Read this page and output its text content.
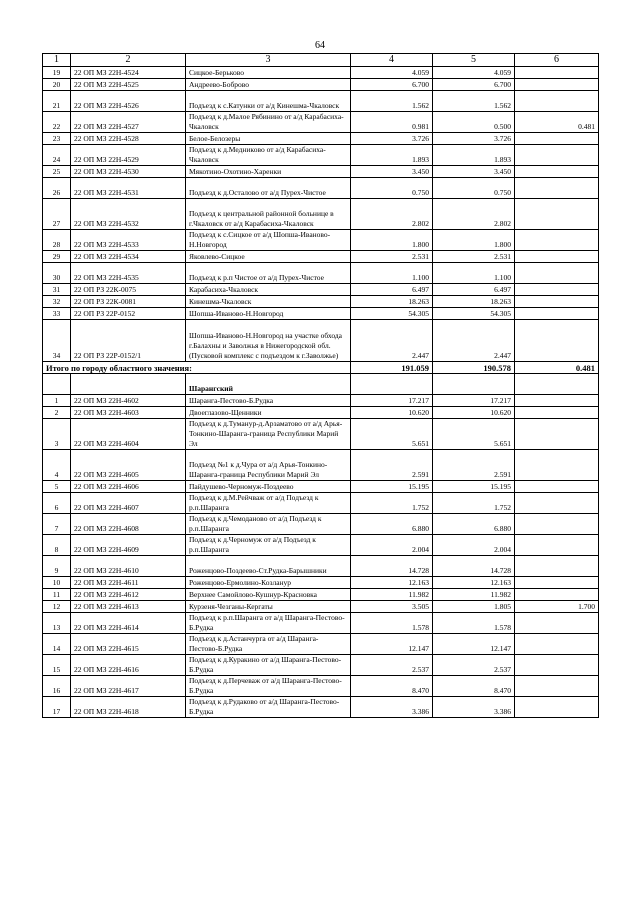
64
1	2	3	4	5	6
19	22 ОП МЗ 22Н-4524	Сицкое-Берьково	4.059	4.059	
20	22 ОП МЗ 22Н-4525	Андреево-Боброво	6.700	6.700	
21	22 ОП МЗ 22Н-4526	Подъезд к с.Катунки от а/д Кинешма-Чкаловск	1.562	1.562	
22	22 ОП МЗ 22Н-4527	Подъезд к д.Малое Рябинино от а/д Карабасиха-Чкаловск	0.981	0.500	0.481
23	22 ОП МЗ 22Н-4528	Белое-Белозеры	3.726	3.726	
24	22 ОП МЗ 22Н-4529	Подъезд к д.Медниково от а/д Карабасиха-Чкаловск	1.893	1.893	
25	22 ОП МЗ 22Н-4530	Мякотино-Охотино-Харенки	3.450	3.450	
26	22 ОП МЗ 22Н-4531	Подъезд к д.Осталово от а/д Пурех-Чистое	0.750	0.750	
27	22 ОП МЗ 22Н-4532	Подъезд к центральной районной больнице в г.Чкаловск от а/д Карабасиха-Чкаловск	2.802	2.802	
28	22 ОП МЗ 22Н-4533	Подъезд к с.Сицкое от а/д Шопша-Иваново-Н.Новгород	1.800	1.800	
29	22 ОП МЗ 22Н-4534	Яковлево-Сицкое	2.531	2.531	
30	22 ОП МЗ 22Н-4535	Подъезд к р.п Чистое от а/д Пурех-Чистое	1.100	1.100	
31	22 ОП РЗ 22К-0075	Карабасиха-Чкаловск	6.497	6.497	
32	22 ОП РЗ 22К-0081	Кинешма-Чкаловск	18.263	18.263	
33	22 ОП РЗ 22Р-0152	Шопша-Иваново-Н.Новгород	54.305	54.305	
34	22 ОП РЗ 22Р-0152/1	Шопша-Иваново-Н.Новгород на участке обхода г.Балахны и Заволжья в Нижегородской обл. (Пусковой комплекс с подъездом к г.Заволжье)	2.447	2.447	
Итого по городу областного значения:			191.059	190.578	0.481
		Шарангский			
1	22 ОП МЗ 22Н-4602	Шаранга-Пестово-Б.Рудка	17.217	17.217	
2	22 ОП МЗ 22Н-4603	Двоеглазово-Щенники	10.620	10.620	
3	22 ОП МЗ 22Н-4604	Подъезд к д.Туманур-д.Арзаматово от а/д Арья-Тонкино-Шаранга-граница Республики Марий Эл	5.651	5.651	
4	22 ОП МЗ 22Н-4605	Подъезд №1 к д.Чура от а/д Арья-Тонкино-Шаранга-граница Республики Марий Эл	2.591	2.591	
5	22 ОП МЗ 22Н-4606	Пайдушево-Черномуж-Поздеево	15.195	15.195	
6	22 ОП МЗ 22Н-4607	Подъезд к д.М.Рейчваж от а/д Подъезд к р.п.Шаранга	1.752	1.752	
7	22 ОП МЗ 22Н-4608	Подъезд к д.Чемодановo от а/д Подъезд к р.п.Шаранга	6.880	6.880	
8	22 ОП МЗ 22Н-4609	Подъезд к д.Черномуж от а/д Подъезд к р.п.Шаранга	2.004	2.004	
9	22 ОП МЗ 22Н-4610	Роженцово-Поздеево-Ст.Рудка-Барышники	14.728	14.728	
10	22 ОП МЗ 22Н-4611	Роженцово-Ермолино-Козлануp	12.163	12.163	
11	22 ОП МЗ 22Н-4612	Верхнее Самойлово-Кушнур-Красновка	11.982	11.982	
12	22 ОП МЗ 22Н-4613	Курзеня-Чезганы-Кергаты	3.505	1.805	1.700
13	22 ОП МЗ 22Н-4614	Подъезд к р.п.Шаранга от а/д Шаранга-Пестово-Б.Рудка	1.578	1.578	
14	22 ОП МЗ 22Н-4615	Подъезд к д.Астанчурга от а/д Шаранга-Пестово-Б.Рудка	12.147	12.147	
15	22 ОП МЗ 22Н-4616	Подъезд к д.Куракино от а/д Шаранга-Пестово-Б.Рудка	2.537	2.537	
16	22 ОП МЗ 22Н-4617	Подъезд к д.Перчеваж от а/д Шаранга-Пестово-Б.Рудка	8.470	8.470	
17	22 ОП МЗ 22Н-4618	Подъезд к д.Рудаково от а/д Шаранга-Пестово-Б.Рудка	3.386	3.386	
